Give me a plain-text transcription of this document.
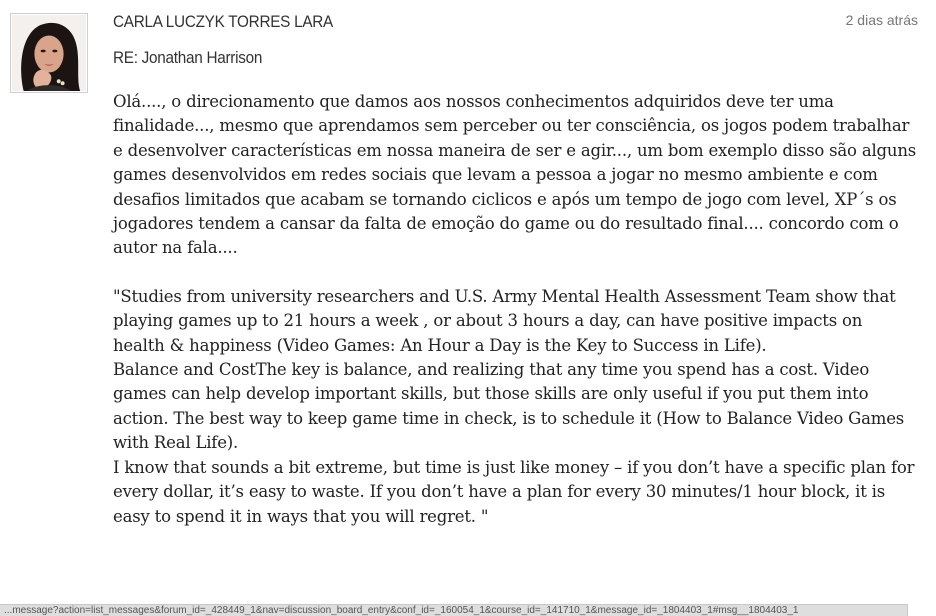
CARLA LUCZYK TORRES LARA	2 dias atrás
RE: Jonathan Harrison

Olá...., o direcionamento que damos aos nossos conhecimentos adquiridos deve ter uma finalidade..., mesmo que aprendamos sem perceber ou ter consciência, os jogos podem trabalhar e desenvolver características em nossa maneira de ser e agir..., um bom exemplo disso são alguns games desenvolvidos em redes sociais que levam a pessoa a jogar no mesmo ambiente e com desafios limitados que acabam se tornando ciclicos e após um tempo de jogo com level, XP´s os jogadores tendem a cansar da falta de emoção do game ou do resultado final.... concordo com o autor na fala....

"Studies from university researchers and U.S. Army Mental Health Assessment Team show that playing games up to 21 hours a week , or about 3 hours a day, can have positive impacts on health & happiness (Video Games: An Hour a Day is the Key to Success in Life).
Balance and CostThe key is balance, and realizing that any time you spend has a cost. Video games can help develop important skills, but those skills are only useful if you put them into action. The best way to keep game time in check, is to schedule it (How to Balance Video Games with Real Life).
I know that sounds a bit extreme, but time is just like money – if you don’t have a specific plan for every dollar, it’s easy to waste. If you don’t have a plan for every 30 minutes/1 hour block, it is easy to spend it in ways that you will regret. "

...message?action=list_messages&forum_id=_428449_1&nav=discussion_board_entry&conf_id=_160054_1&course_id=_141710_1&message_id=_1804403_1#msg__1804403_1
